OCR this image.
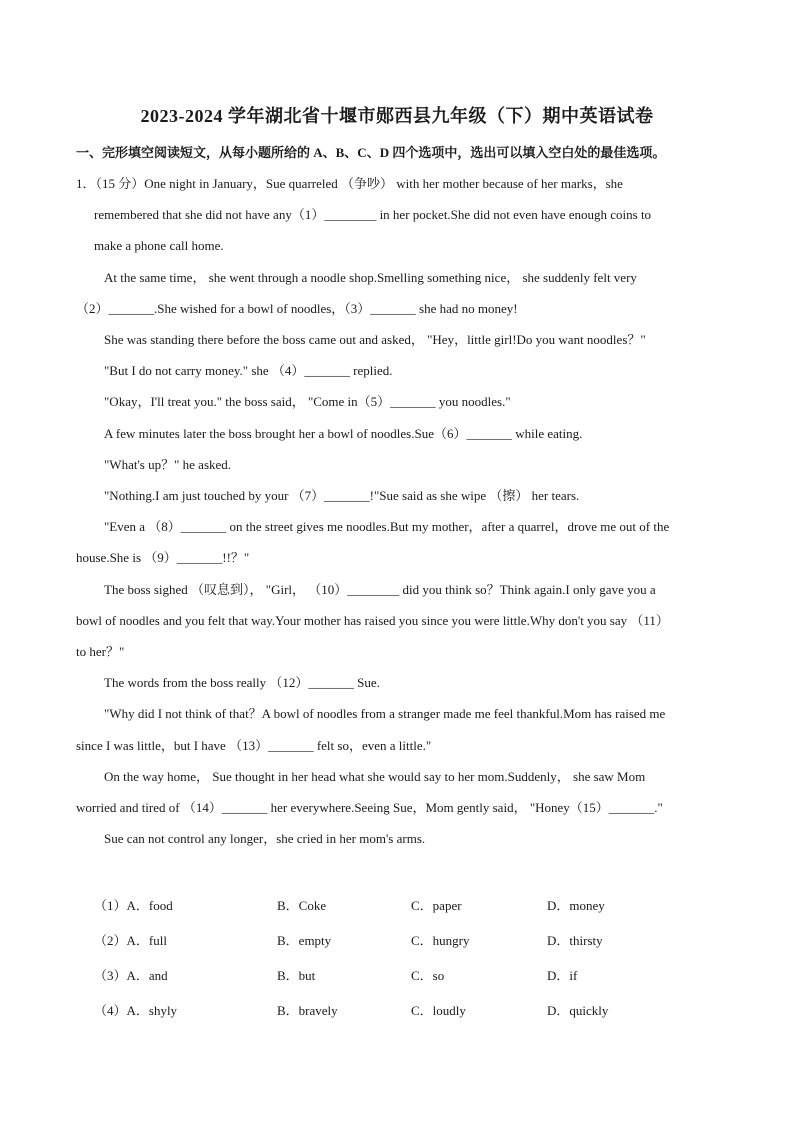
2023-2024 学年湖北省十堰市郧西县九年级（下）期中英语试卷
一、完形填空阅读短文，从每小题所给的 A、B、C、D 四个选项中，选出可以填入空白处的最佳选项。
1．（15 分）One night in January，Sue quarreled （争吵） with her mother because of her marks，she
remembered that she did not have any（1）________ in her pocket.She did not even have enough coins to
make a phone call home.
At the same time， she went through a noodle shop.Smelling something nice， she suddenly felt very
（2）_______.She wished for a bowl of noodles，（3）_______ she had no money!
She was standing there before the boss came out and asked， "Hey，little girl!Do you want noodles？"
"But I do not carry money." she （4）_______ replied.
"Okay，I'll treat you." the boss said， "Come in（5）_______ you noodles."
A few minutes later the boss brought her a bowl of noodles.Sue（6）_______ while eating.
"What's up？" he asked.
"Nothing.I am just touched by your （7）_______!"Sue said as she wipe （擦） her tears.
"Even a （8）_______ on the street gives me noodles.But my mother，after a quarrel，drove me out of the
house.She is （9）_______!!？"
The boss sighed （叹息到）， "Girl， （10）________ did you think so？Think again.I only gave you a
bowl of noodles and you felt that way.Your mother has raised you since you were little.Why don't you say （11）
to her？"
The words from the boss really （12）_______ Sue.
"Why did I not think of that？A bowl of noodles from a stranger made me feel thankful.Mom has raised me
since I was little，but I have （13）_______ felt so，even a little."
On the way home， Sue thought in her head what she would say to her mom.Suddenly， she saw Mom
worried and tired of （14）_______ her everywhere.Seeing Sue，Mom gently said， "Honey（15）_______."
Sue can not control any longer，she cried in her mom's arms.
（1）A．food	B．Coke	C．paper	D．money
（2）A．full	B．empty	C．hungry	D．thirsty
（3）A．and	B．but	C．so	D．if
（4）A．shyly	B．bravely	C．loudly	D．quickly
